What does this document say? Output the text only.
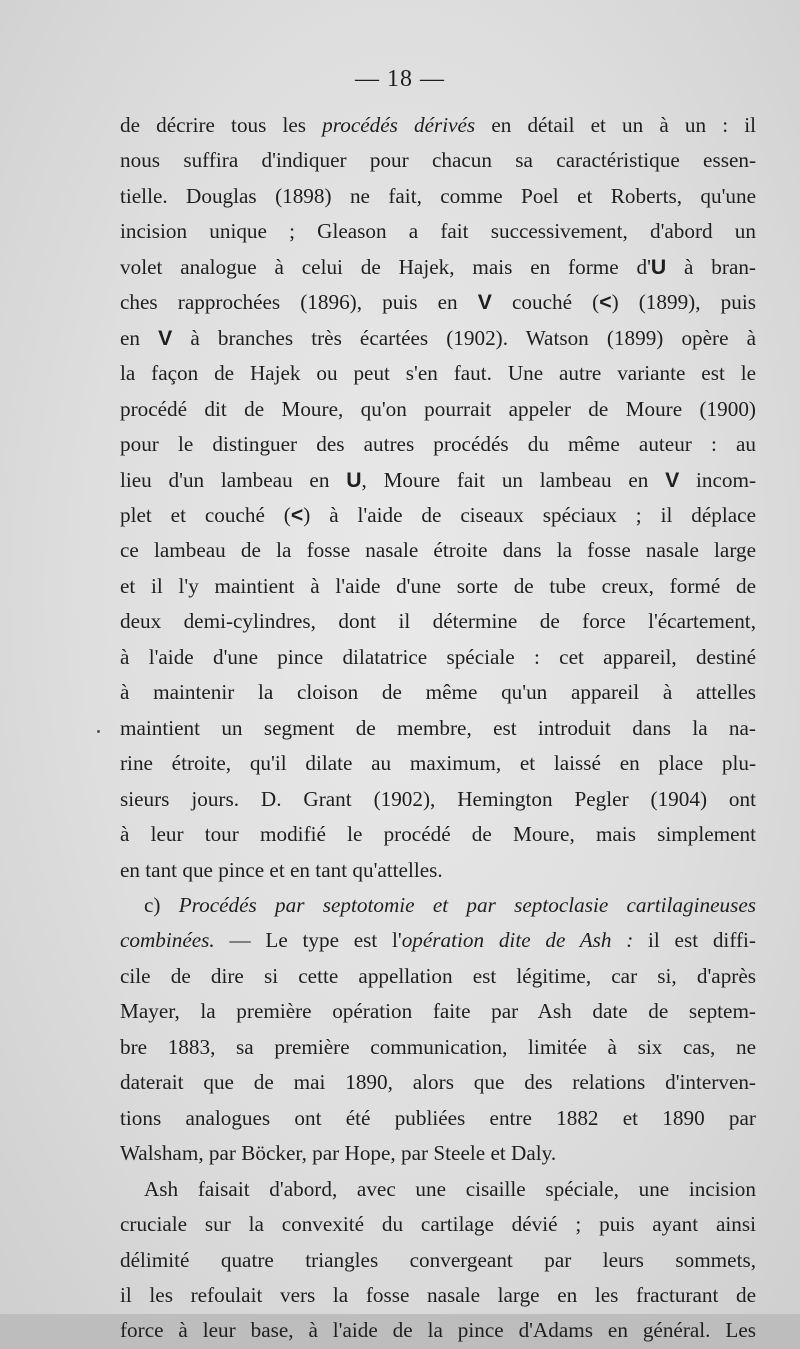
— 18 —
de décrire tous les procédés dérivés en détail et un à un : il
nous suffira d'indiquer pour chacun sa caractéristique essen-
tielle. Douglas (1898) ne fait, comme Poel et Roberts, qu'une
incision unique ; Gleason a fait successivement, d'abord un
volet analogue à celui de Hajek, mais en forme d'U à bran-
ches rapprochées (1896), puis en V couché (<) (1899), puis
en V à branches très écartées (1902). Watson (1899) opère à
la façon de Hajek ou peut s'en faut. Une autre variante est le
procédé dit de Moure, qu'on pourrait appeler de Moure (1900)
pour le distinguer des autres procédés du même auteur : au
lieu d'un lambeau en U, Moure fait un lambeau en V incom-
plet et couché (<) à l'aide de ciseaux spéciaux ; il déplace
ce lambeau de la fosse nasale étroite dans la fosse nasale large
et il l'y maintient à l'aide d'une sorte de tube creux, formé de
deux demi-cylindres, dont il détermine de force l'écartement,
à l'aide d'une pince dilatatrice spéciale : cet appareil, destiné
à maintenir la cloison de même qu'un appareil à attelles
maintient un segment de membre, est introduit dans la na-
rine étroite, qu'il dilate au maximum, et laissé en place plu-
sieurs jours. D. Grant (1902), Hemington Pegler (1904) ont
à leur tour modifié le procédé de Moure, mais simplement
en tant que pince et en tant qu'attelles.
c) Procédés par septotomie et par septoclasie cartilagineuses
combinées. — Le type est l'opération dite de Ash : il est diffi-
cile de dire si cette appellation est légitime, car si, d'après
Mayer, la première opération faite par Ash date de septem-
bre 1883, sa première communication, limitée à six cas, ne
daterait que de mai 1890, alors que des relations d'interven-
tions analogues ont été publiées entre 1882 et 1890 par
Walsham, par Böcker, par Hope, par Steele et Daly.
Ash faisait d'abord, avec une cisaille spéciale, une incision
cruciale sur la convexité du cartilage dévié ; puis ayant ainsi
délimité quatre triangles convergeant par leurs sommets,
il les refoulait vers la fosse nasale large en les fracturant de
force à leur base, à l'aide de la pince d'Adams en général. Les
